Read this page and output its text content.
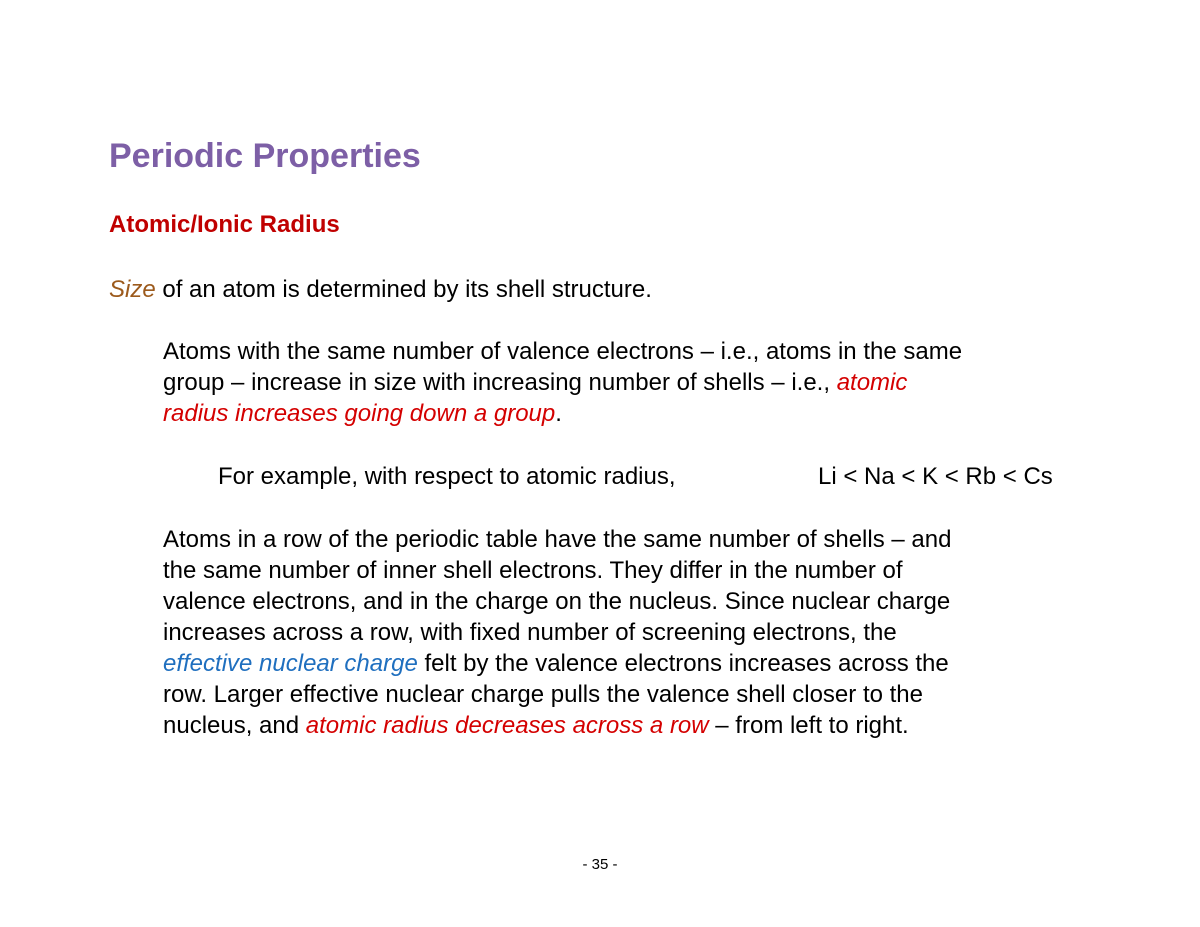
Periodic Properties
Atomic/Ionic Radius

Size of an atom is determined by its shell structure.

Atoms with the same number of valence electrons – i.e., atoms in the same
group – increase in size with increasing number of shells – i.e., atomic
radius increases going down a group.

For example, with respect to atomic radius,	Li < Na < K < Rb < Cs

Atoms in a row of the periodic table have the same number of shells – and
the same number of inner shell electrons. They differ in the number of
valence electrons, and in the charge on the nucleus. Since nuclear charge
increases across a row, with fixed number of screening electrons, the
effective nuclear charge felt by the valence electrons increases across the
row. Larger effective nuclear charge pulls the valence shell closer to the
nucleus, and atomic radius decreases across a row – from left to right.

- 35 -
